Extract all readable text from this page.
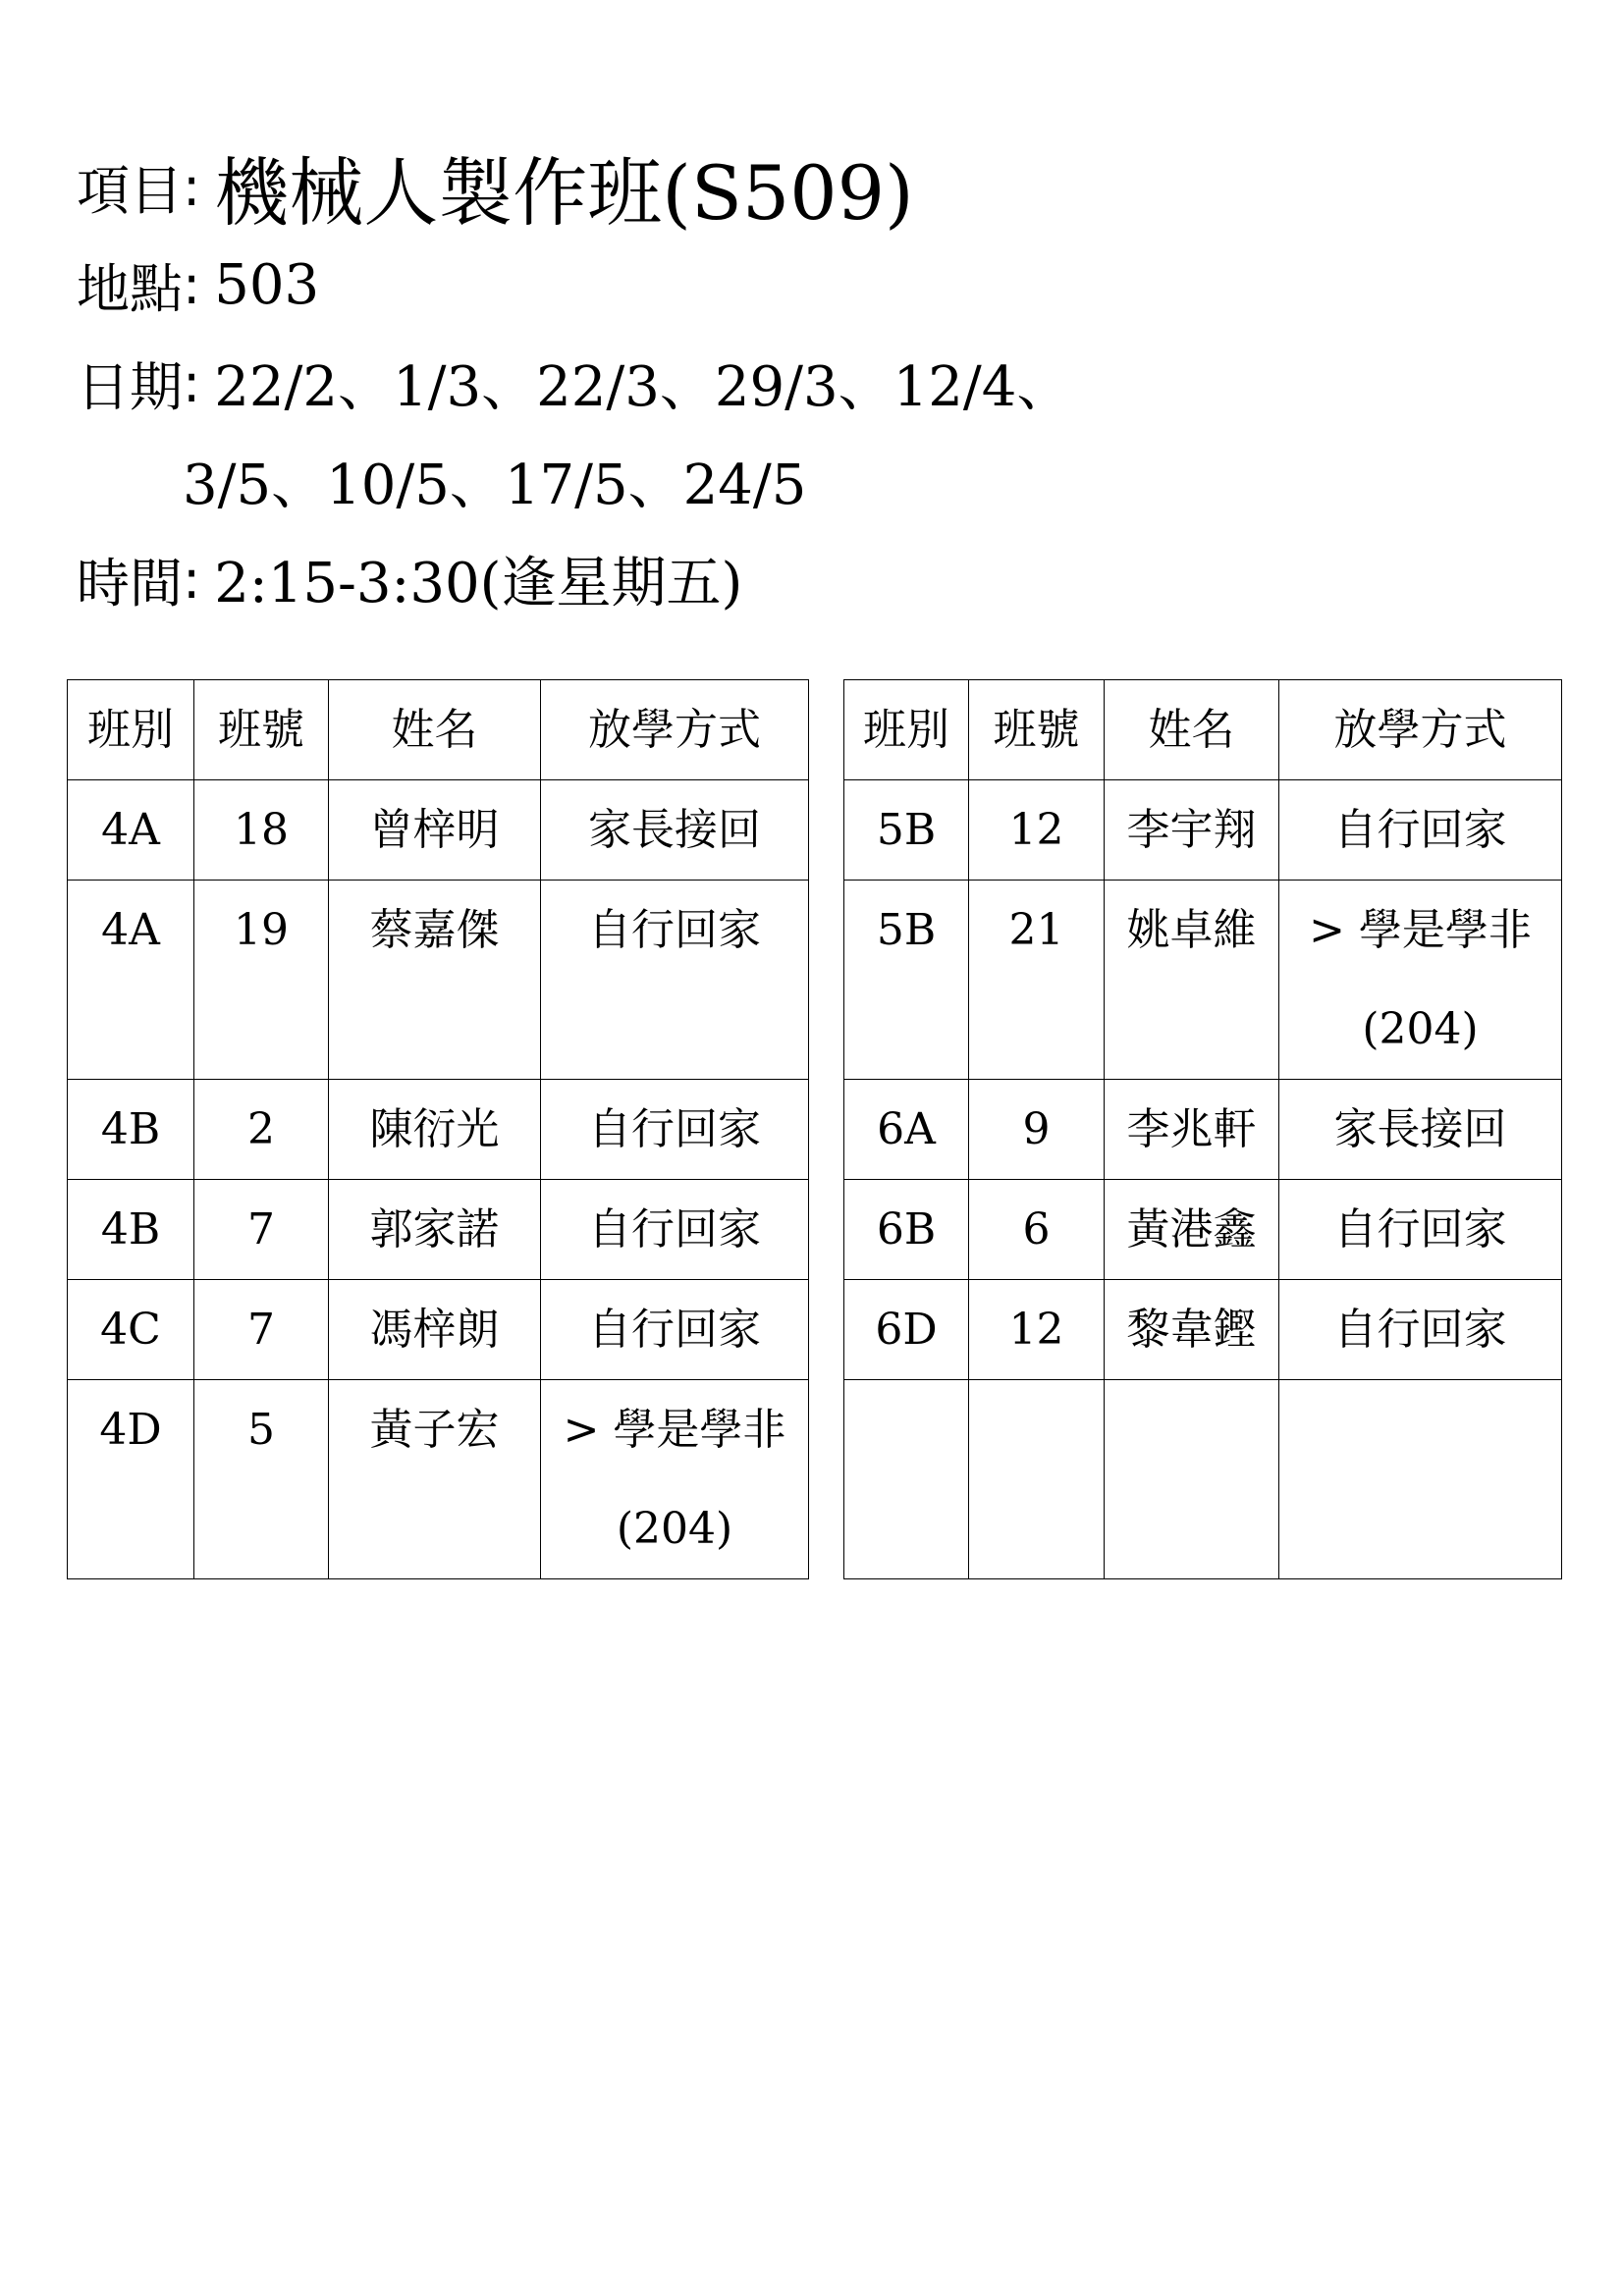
項目 : 機械人製作班(S509)
地點 : 503
日期 : 22/2、1/3、22/3、29/3、12/4、
3/5、10/5、17/5、24/5
時間 : 2:15-3:30(逢星期五)
班別	班號	姓名	放學方式
4A	18	曾梓明	家長接回
4A	19	蔡嘉傑	自行回家
4B	2	陳衍光	自行回家
4B	7	郭家諾	自行回家
4C	7	馮梓朗	自行回家
4D	5	黃子宏	> 學是學非
(204)
班別	班號	姓名	放學方式
5B	12	李宇翔	自行回家
5B	21	姚卓維	> 學是學非
(204)

6A	9	李兆軒	家長接回
6B	6	黃港鑫	自行回家
6D	12	黎韋鏗	自行回家
